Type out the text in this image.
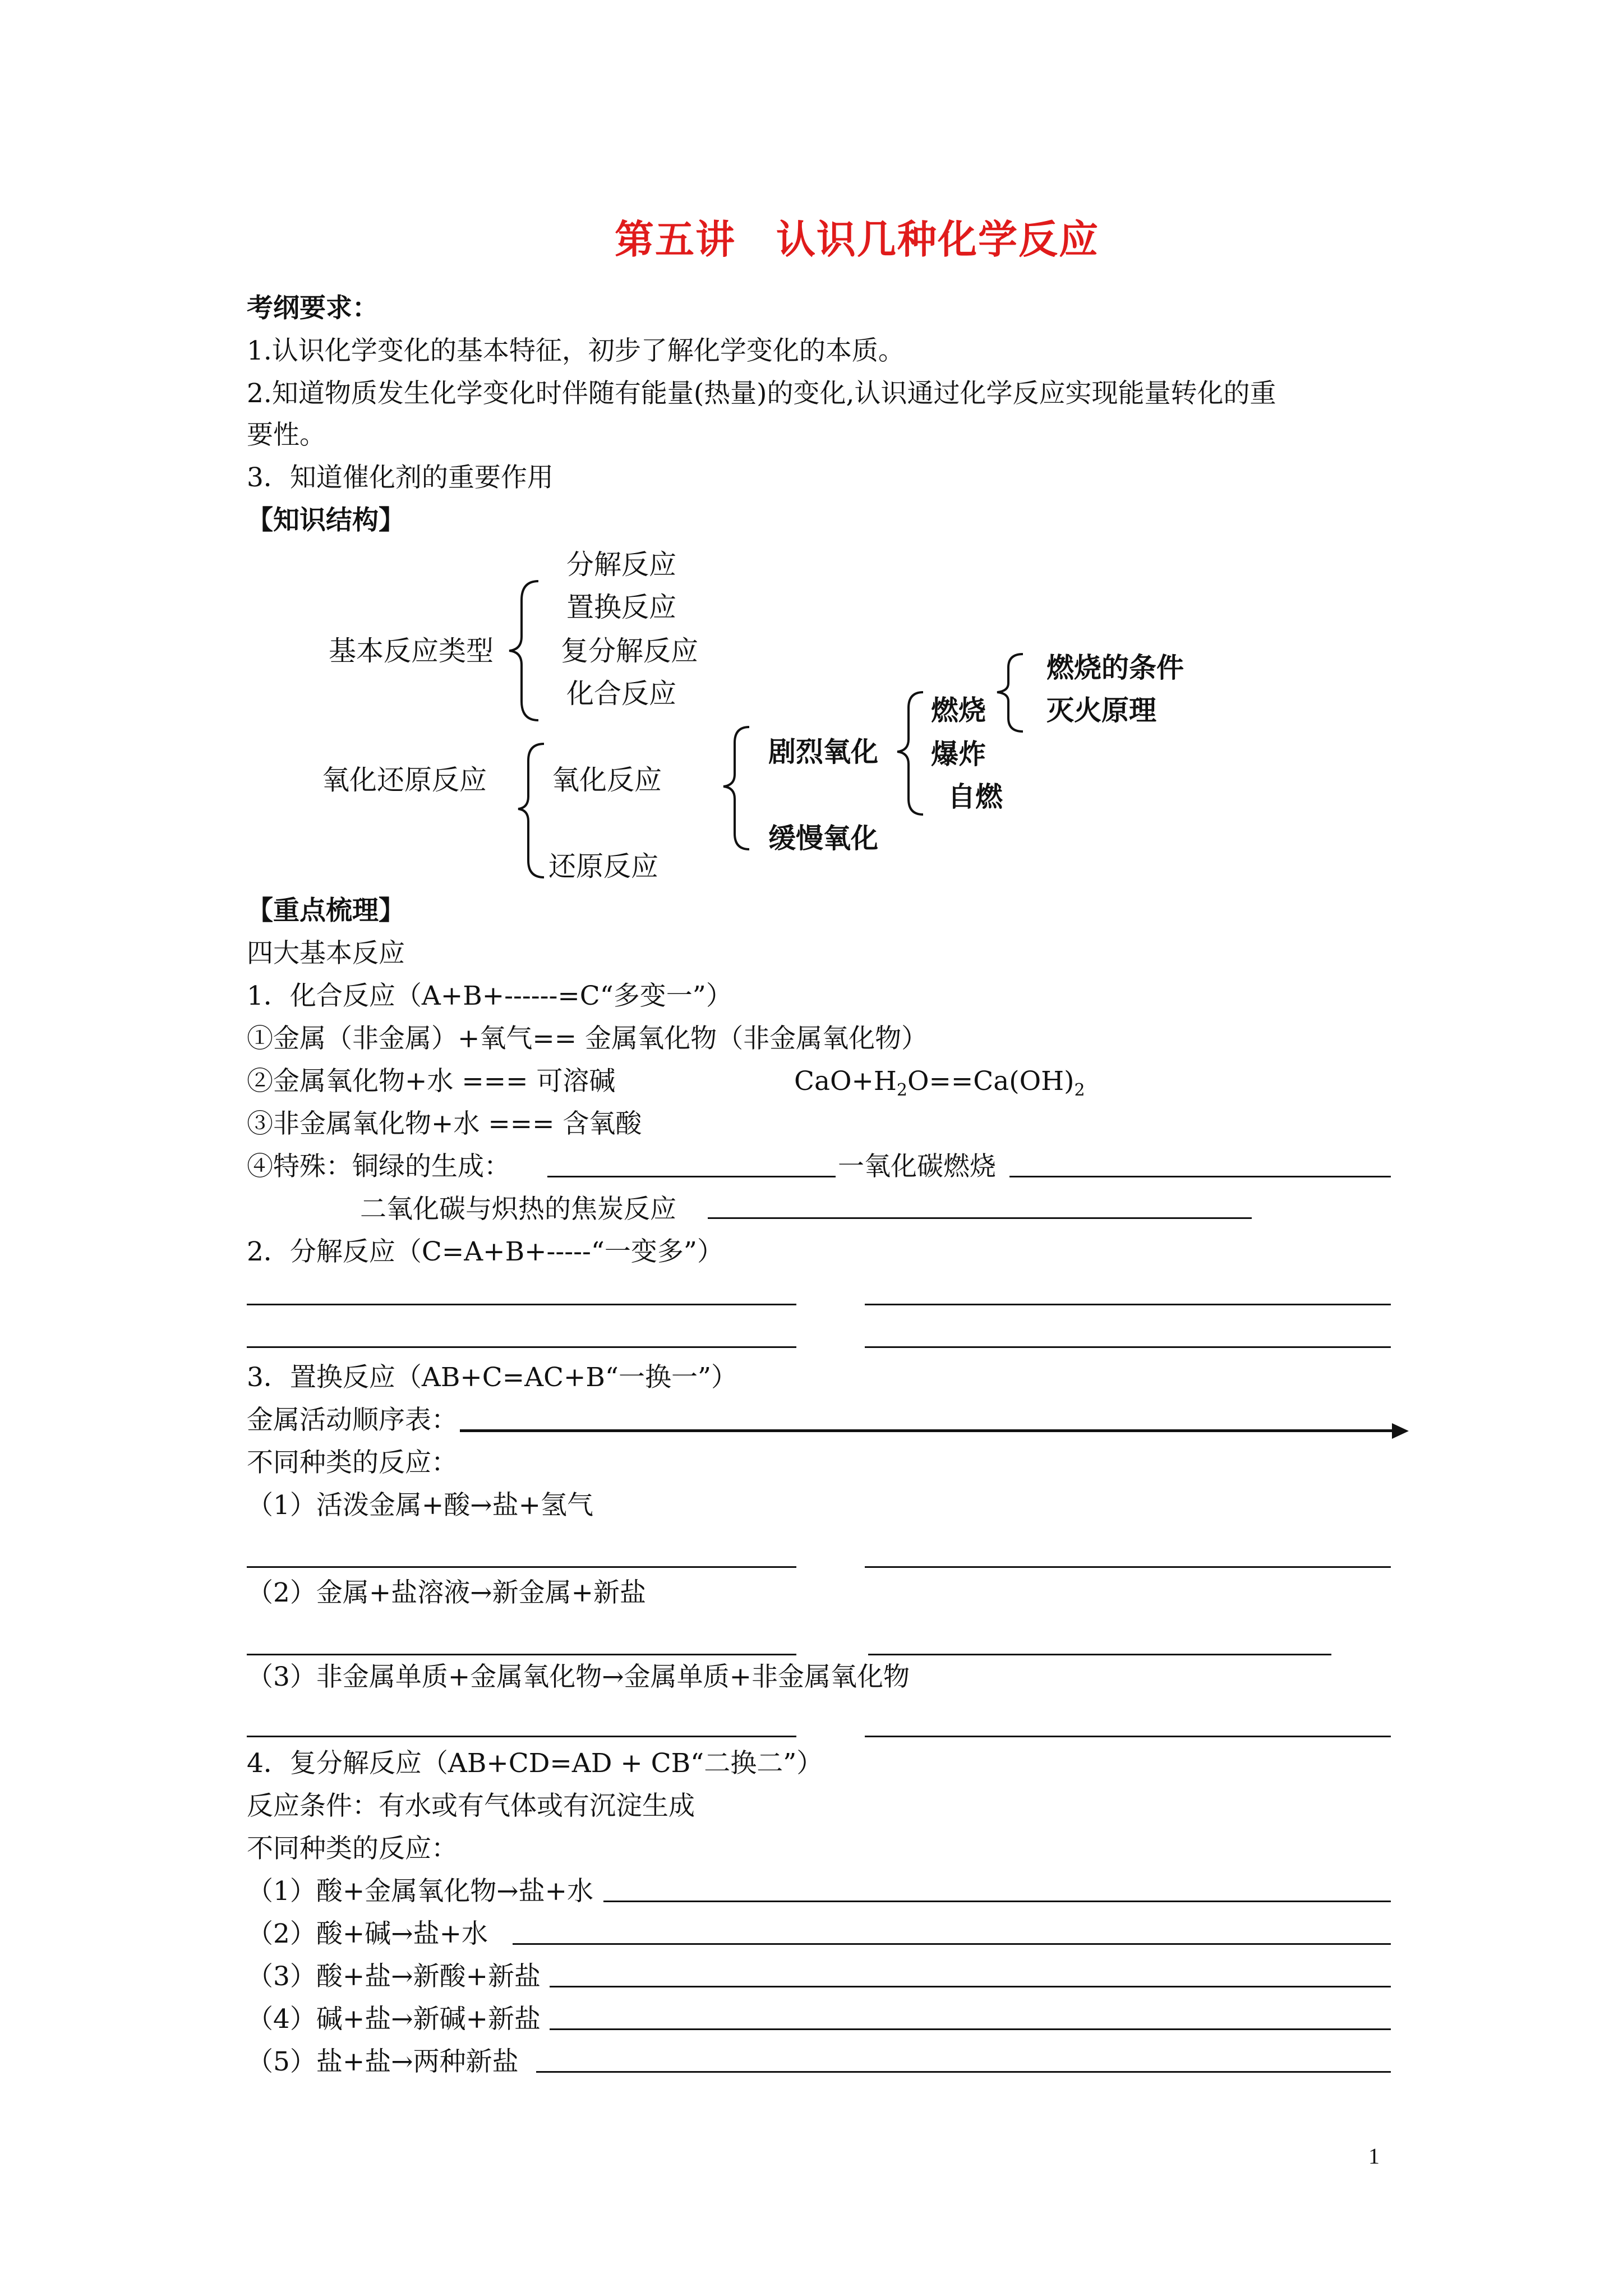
第五讲　认识几种化学反应
考纲要求：
1.认识化学变化的基本特征，初步了解化学变化的本质。
2.知道物质发生化学变化时伴随有能量(热量)的变化,认识通过化学反应实现能量转化的重
要性。
3．知道催化剂的重要作用
【知识结构】
基本反应类型
分解反应
置换反应
复分解反应
化合反应
氧化还原反应 氧化反应
还原反应
剧烈氧化
缓慢氧化
燃烧
爆炸
自燃
燃烧的条件
灭火原理
【重点梳理】
四大基本反应
1．化合反应（A+B+------=C“多变一”）
①金属（非金属）+氧气== 金属氧化物（非金属氧化物）
②金属氧化物+水 === 可溶碱	$CaO+H_2O==Ca(OH)_2$
③非金属氧化物+水 === 含氧酸
④特殊：铜绿的生成：	一氧化碳燃烧
二氧化碳与炽热的焦炭反应
2．分解反应（C=A+B+-----“一变多”）
3．置换反应（AB+C=AC+B“一换一”）
金属活动顺序表：
不同种类的反应：
（1）活泼金属+酸→盐+氢气
（2）金属+盐溶液→新金属+新盐
（3）非金属单质+金属氧化物→金属单质+非金属氧化物
4．复分解反应（AB+CD=AD + CB“二换二”）
反应条件：有水或有气体或有沉淀生成
不同种类的反应：
（1）酸+金属氧化物→盐+水
（2）酸+碱→盐+水
（3）酸+盐→新酸+新盐
（4）碱+盐→新碱+新盐
（5）盐+盐→两种新盐
1
